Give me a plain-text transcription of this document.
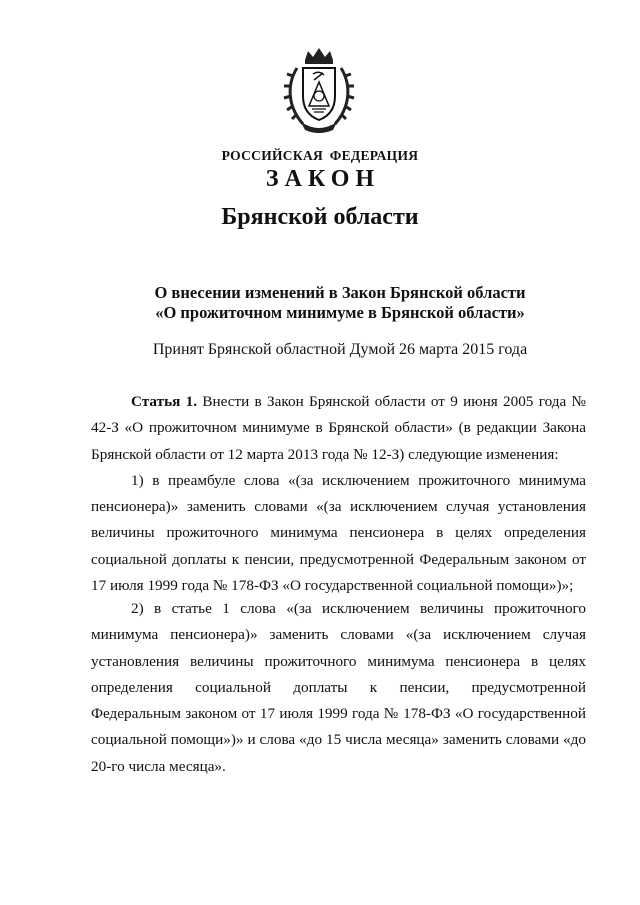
РОССИЙСКАЯ ФЕДЕРАЦИЯ
ЗАКОН
Брянской области
О внесении изменений в Закон Брянской области
«О прожиточном минимуме в Брянской области»
Принят Брянской областной Думой 26 марта 2015 года

Статья 1. Внести в Закон Брянской области от 9 июня 2005 года № 42-З «О прожиточном минимуме в Брянской области» (в редакции Закона Брянской области от 12 марта 2013 года № 12-З) следующие изменения:

1) в преамбуле слова «(за исключением прожиточного минимума пенсионера)» заменить словами «(за исключением случая установления величины прожиточного минимума пенсионера в целях определения социальной доплаты к пенсии, предусмотренной Федеральным законом от 17 июля 1999 года № 178-ФЗ «О государственной социальной помощи»)»;

2) в статье 1 слова «(за исключением величины прожиточного минимума пенсионера)» заменить словами «(за исключением случая установления величины прожиточного минимума пенсионера в целях определения социальной доплаты к пенсии, предусмотренной Федеральным законом от 17 июля 1999 года № 178-ФЗ «О государственной социальной помощи»)» и слова «до 15 числа месяца» заменить словами «до 20-го числа месяца».
